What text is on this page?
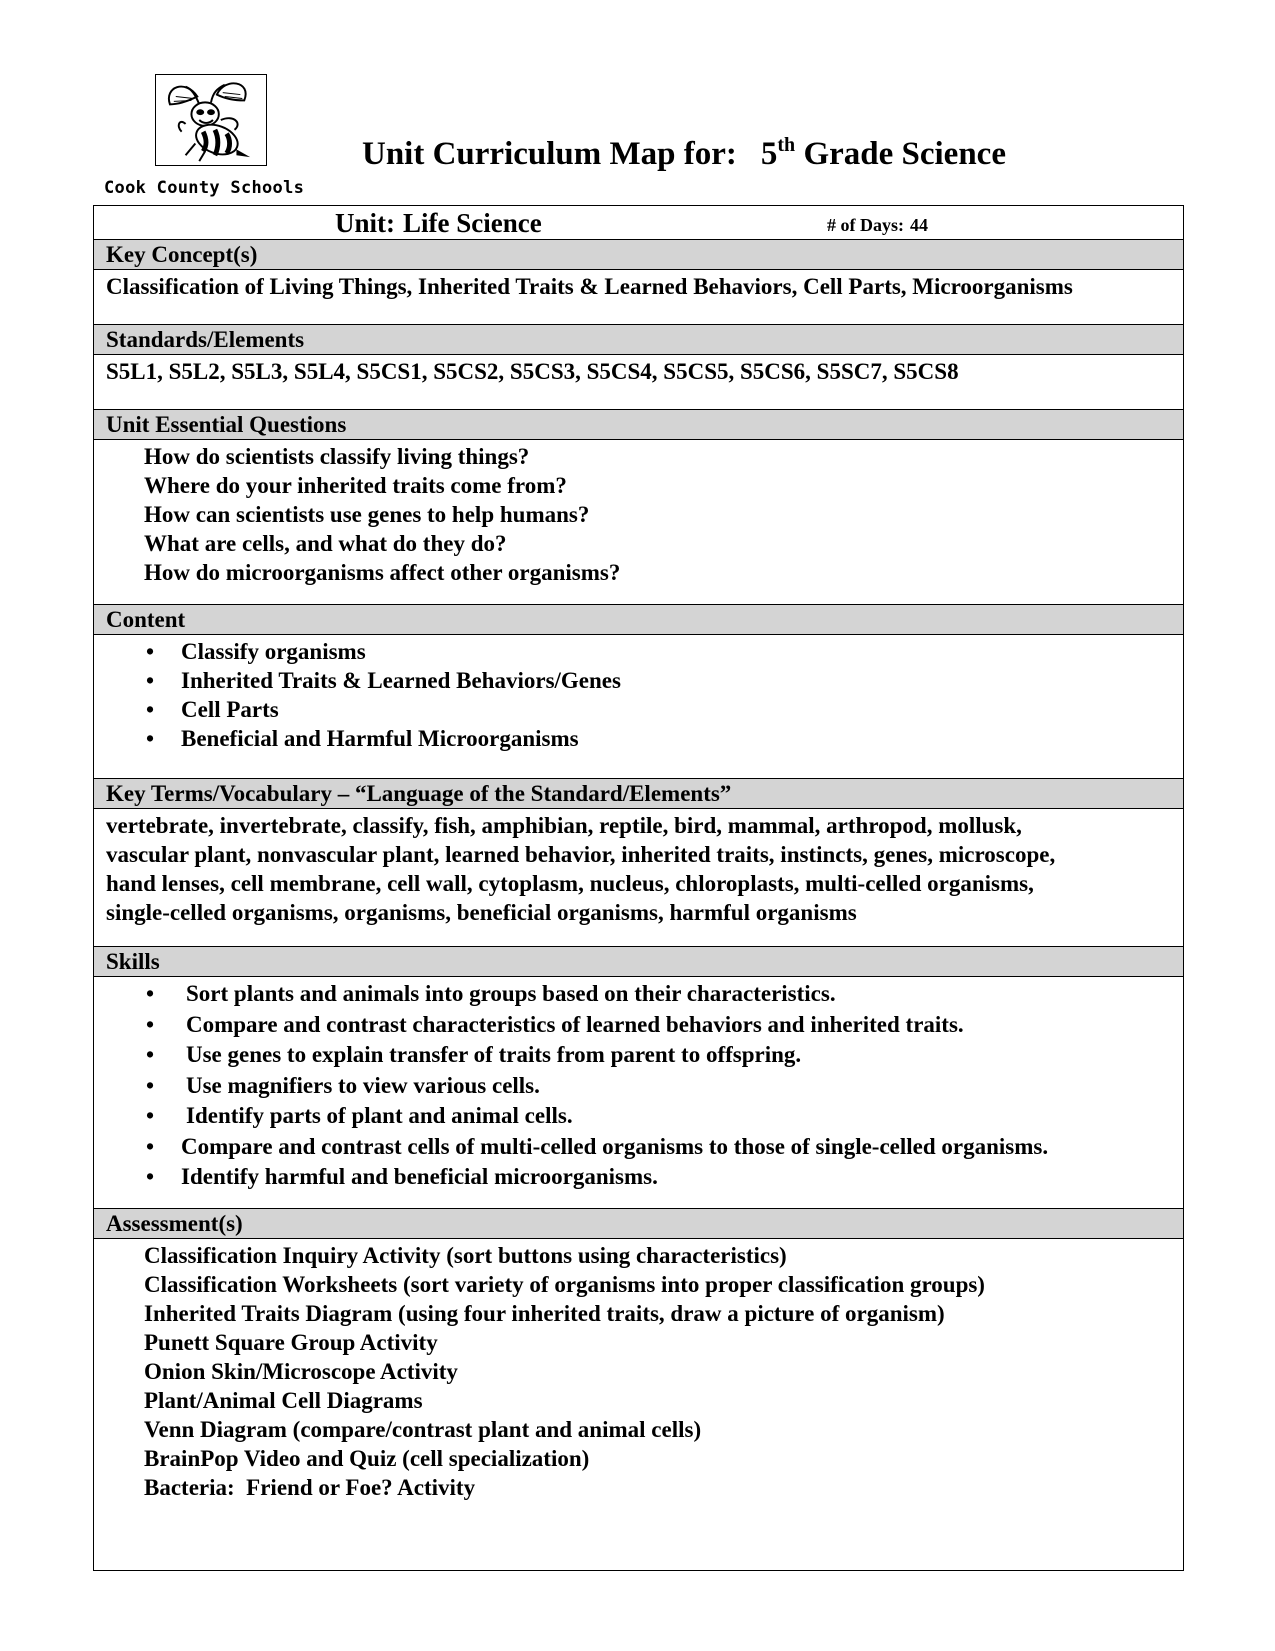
Cook County Schools
Unit Curriculum Map for: 5th Grade Science
Unit: Life Science	# of Days: 44
Key Concept(s)
Classification of Living Things, Inherited Traits & Learned Behaviors, Cell Parts, Microorganisms
Standards/Elements
S5L1, S5L2, S5L3, S5L4, S5CS1, S5CS2, S5CS3, S5CS4, S5CS5, S5CS6, S5SC7, S5CS8
Unit Essential Questions
How do scientists classify living things?
Where do your inherited traits come from?
How can scientists use genes to help humans?
What are cells, and what do they do?
How do microorganisms affect other organisms?
Content
• Classify organisms
• Inherited Traits & Learned Behaviors/Genes
• Cell Parts
• Beneficial and Harmful Microorganisms
Key Terms/Vocabulary – “Language of the Standard/Elements”
vertebrate, invertebrate, classify, fish, amphibian, reptile, bird, mammal, arthropod, mollusk,
vascular plant, nonvascular plant, learned behavior, inherited traits, instincts, genes, microscope,
hand lenses, cell membrane, cell wall, cytoplasm, nucleus, chloroplasts, multi-celled organisms,
single-celled organisms, organisms, beneficial organisms, harmful organisms
Skills
• Sort plants and animals into groups based on their characteristics.
• Compare and contrast characteristics of learned behaviors and inherited traits.
• Use genes to explain transfer of traits from parent to offspring.
• Use magnifiers to view various cells.
• Identify parts of plant and animal cells.
• Compare and contrast cells of multi-celled organisms to those of single-celled organisms.
• Identify harmful and beneficial microorganisms.
Assessment(s)
Classification Inquiry Activity (sort buttons using characteristics)
Classification Worksheets (sort variety of organisms into proper classification groups)
Inherited Traits Diagram (using four inherited traits, draw a picture of organism)
Punett Square Group Activity
Onion Skin/Microscope Activity
Plant/Animal Cell Diagrams
Venn Diagram (compare/contrast plant and animal cells)
BrainPop Video and Quiz (cell specialization)
Bacteria:  Friend or Foe? Activity
